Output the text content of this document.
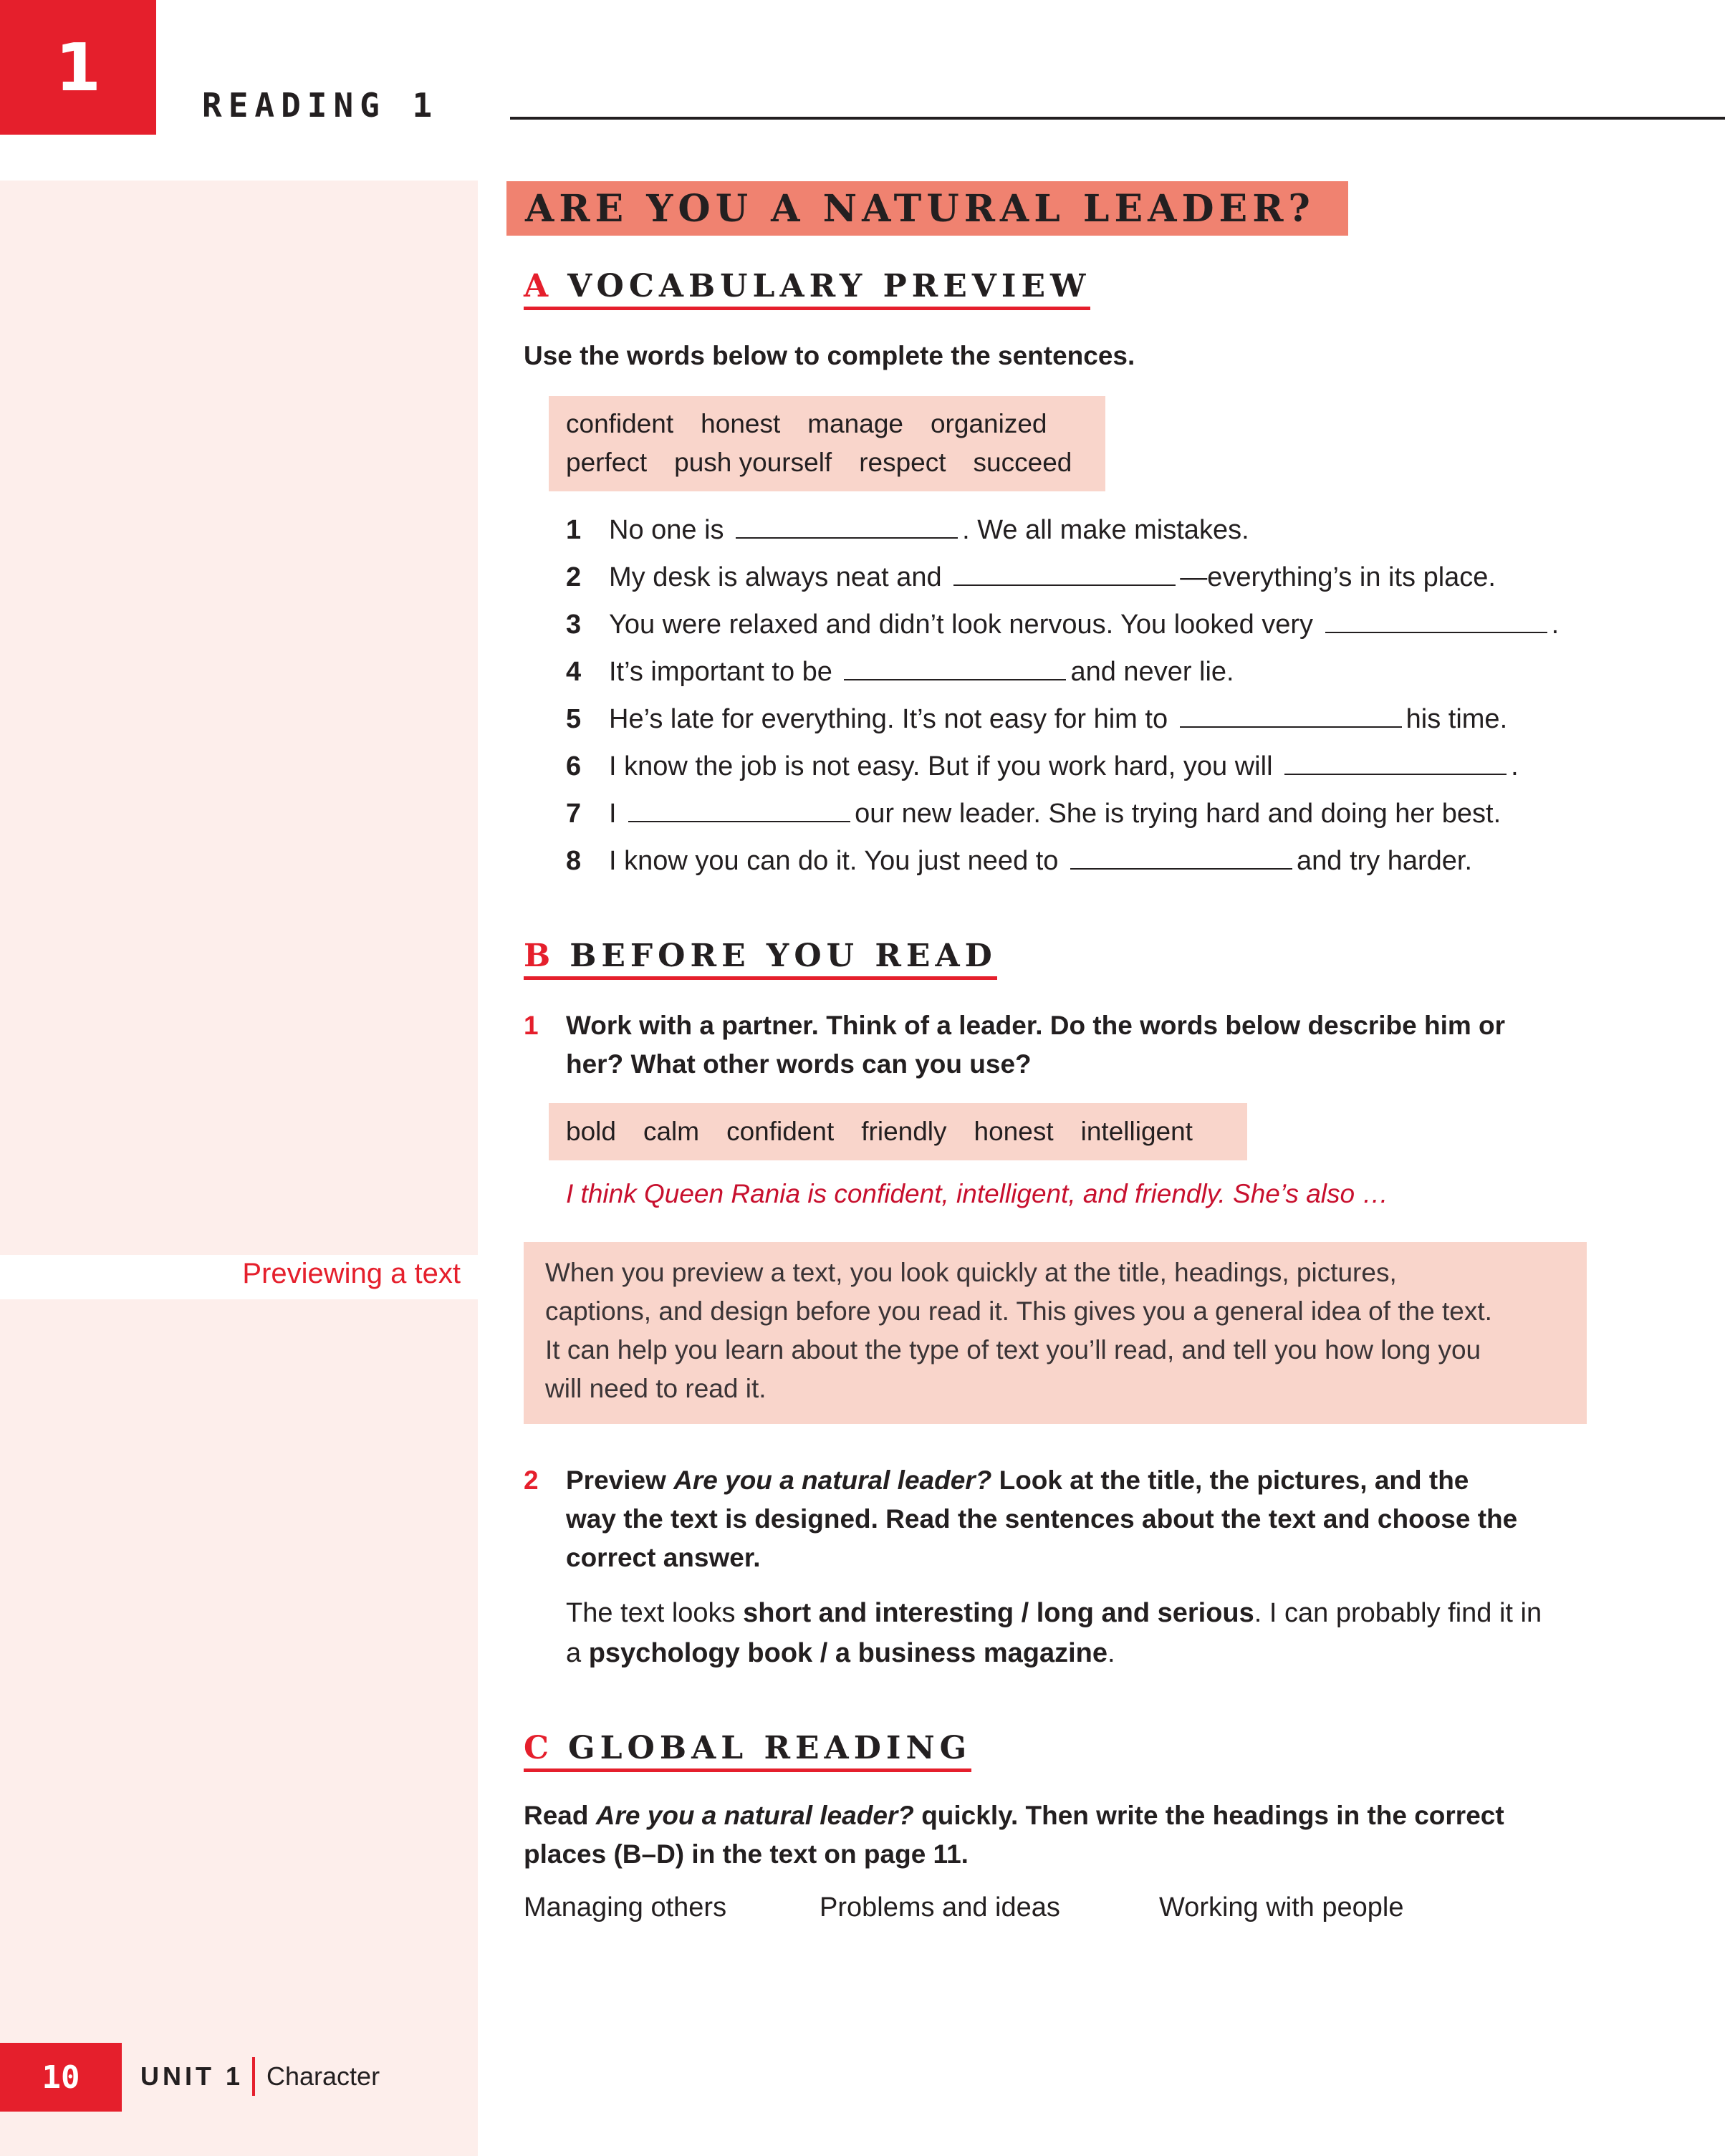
1	READING 1
ARE YOU A NATURAL LEADER?
A VOCABULARY PREVIEW
Use the words below to complete the sentences.
confident honest manage organized
perfect push yourself respect succeed
1	No one is	. We all make mistakes.
2	My desk is always neat and	—everything’s in its place.
3	You were relaxed and didn’t look nervous. You looked very	.
4	It’s important to be	and never lie.
5	He’s late for everything. It’s not easy for him to	his time.
6	I know the job is not easy. But if you work hard, you will	.
7	I	our new leader. She is trying hard and doing her best.
8	I know you can do it. You just need to	and try harder.
B BEFORE YOU READ
1 Work with a partner. Think of a leader. Do the words below describe him or
her? What other words can you use?
bold calm confident friendly honest intelligent
I think Queen Rania is confident, intelligent, and friendly. She’s also …
Previewing a text	When you preview a text, you look quickly at the title, headings, pictures,
captions, and design before you read it. This gives you a general idea of the text.
It can help you learn about the type of text you’ll read, and tell you how long you
will need to read it.
2 Preview Are you a natural leader? Look at the title, the pictures, and the
way the text is designed. Read the sentences about the text and choose the
correct answer.
The text looks short and interesting / long and serious. I can probably find it in
a psychology book / a business magazine.
C GLOBAL READING
Read Are you a natural leader? quickly. Then write the headings in the correct
places (B–D) in the text on page 11.
Managing others	Problems and ideas	Working with people
10	UNIT 1 Character
